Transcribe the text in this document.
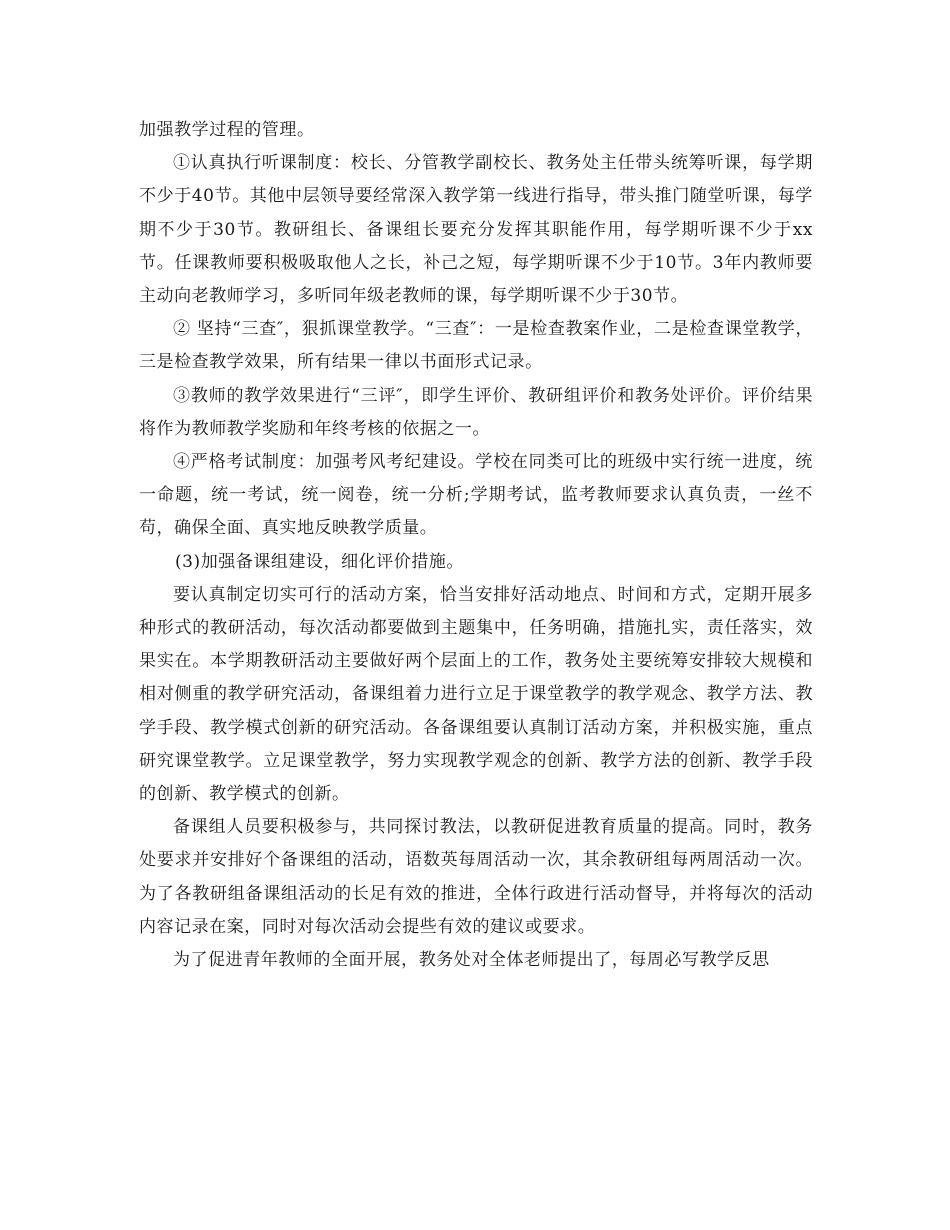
加强教学过程的管理。

①认真执行听课制度：校长、分管教学副校长、教务处主任带头统筹听课，每学期不少于40节。其他中层领导要经常深入教学第一线进行指导，带头推门随堂听课，每学期不少于30节。教研组长、备课组长要充分发挥其职能作用，每学期听课不少于xx节。任课教师要积极吸取他人之长，补己之短，每学期听课不少于10节。3年内教师要主动向老教师学习，多听同年级老教师的课，每学期听课不少于30节。

② 坚持“三查″，狠抓课堂教学。“三查″：一是检查教案作业，二是检查课堂教学，三是检查教学效果，所有结果一律以书面形式记录。

③教师的教学效果进行“三评″，即学生评价、教研组评价和教务处评价。评价结果将作为教师教学奖励和年终考核的依据之一。

④严格考试制度：加强考风考纪建设。学校在同类可比的班级中实行统一进度，统一命题，统一考试，统一阅卷，统一分析;学期考试，监考教师要求认真负责，一丝不苟，确保全面、真实地反映教学质量。

(3)加强备课组建设，细化评价措施。

要认真制定切实可行的活动方案，恰当安排好活动地点、时间和方式，定期开展多种形式的教研活动，每次活动都要做到主题集中，任务明确，措施扎实，责任落实，效果实在。本学期教研活动主要做好两个层面上的工作，教务处主要统筹安排较大规模和相对侧重的教学研究活动，备课组着力进行立足于课堂教学的教学观念、教学方法、教学手段、教学模式创新的研究活动。各备课组要认真制订活动方案，并积极实施，重点研究课堂教学。立足课堂教学，努力实现教学观念的创新、教学方法的创新、教学手段的创新、教学模式的创新。

备课组人员要积极参与，共同探讨教法，以教研促进教育质量的提高。同时，教务处要求并安排好个备课组的活动，语数英每周活动一次，其余教研组每两周活动一次。为了各教研组备课组活动的长足有效的推进，全体行政进行活动督导，并将每次的活动内容记录在案，同时对每次活动会提些有效的建议或要求。

为了促进青年教师的全面开展，教务处对全体老师提出了，每周必写教学反思
